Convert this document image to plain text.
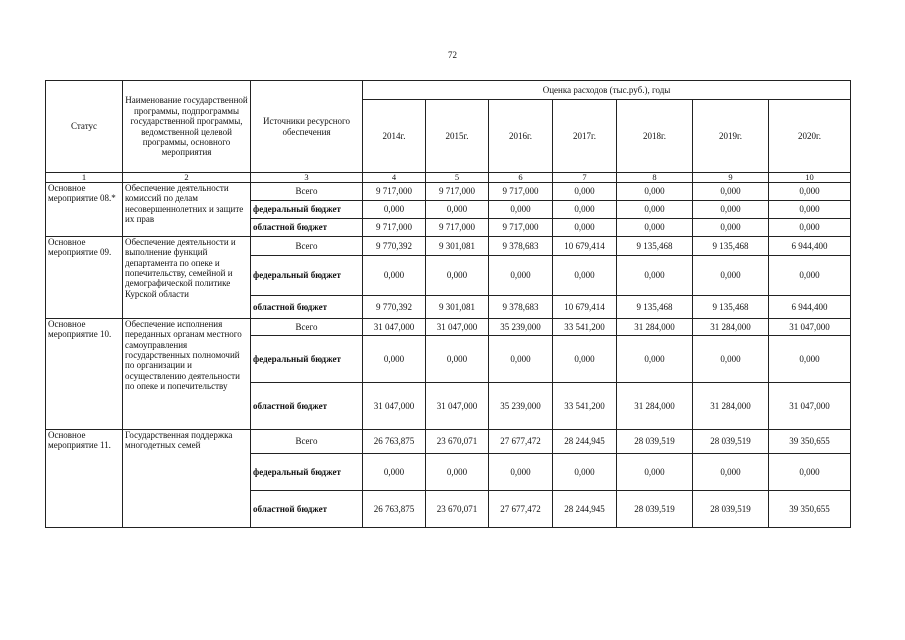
72
Статус	Наименование государственной программы, подпрограммы государственной программы, ведомственной целевой программы, основного мероприятия	Источники ресурсного обеспечения	Оценка расходов (тыс.руб.), годы						
			2014г.	2015г.	2016г.	2017г.	2018г.	2019г.	2020г.
1	2	3	4	5	6	7	8	9	10
Основное мероприятие 08.*	Обеспечение деятельности комиссий по делам несовершеннолетних и защите их прав	Всего	9 717,000	9 717,000	9 717,000	0,000	0,000	0,000	0,000
		федеральный бюджет	0,000	0,000	0,000	0,000	0,000	0,000	0,000
		областной бюджет	9 717,000	9 717,000	9 717,000	0,000	0,000	0,000	0,000
Основное мероприятие 09.	Обеспечение деятельности и выполнение функций департамента по опеке и попечительству, семейной и демографической политике Курской области	Всего	9 770,392	9 301,081	9 378,683	10 679,414	9 135,468	9 135,468	6 944,400
		федеральный бюджет	0,000	0,000	0,000	0,000	0,000	0,000	0,000
		областной бюджет	9 770,392	9 301,081	9 378,683	10 679,414	9 135,468	9 135,468	6 944,400
Основное мероприятие 10.	Обеспечение исполнения переданных органам местного самоуправления государственных полномочий по организации и осуществлению деятельности по опеке и попечительству	Всего	31 047,000	31 047,000	35 239,000	33 541,200	31 284,000	31 284,000	31 047,000
		федеральный бюджет	0,000	0,000	0,000	0,000	0,000	0,000	0,000
		областной бюджет	31 047,000	31 047,000	35 239,000	33 541,200	31 284,000	31 284,000	31 047,000
Основное мероприятие 11.	Государственная поддержка многодетных семей	Всего	26 763,875	23 670,071	27 677,472	28 244,945	28 039,519	28 039,519	39 350,655
		федеральный бюджет	0,000	0,000	0,000	0,000	0,000	0,000	0,000
		областной бюджет	26 763,875	23 670,071	27 677,472	28 244,945	28 039,519	28 039,519	39 350,655
